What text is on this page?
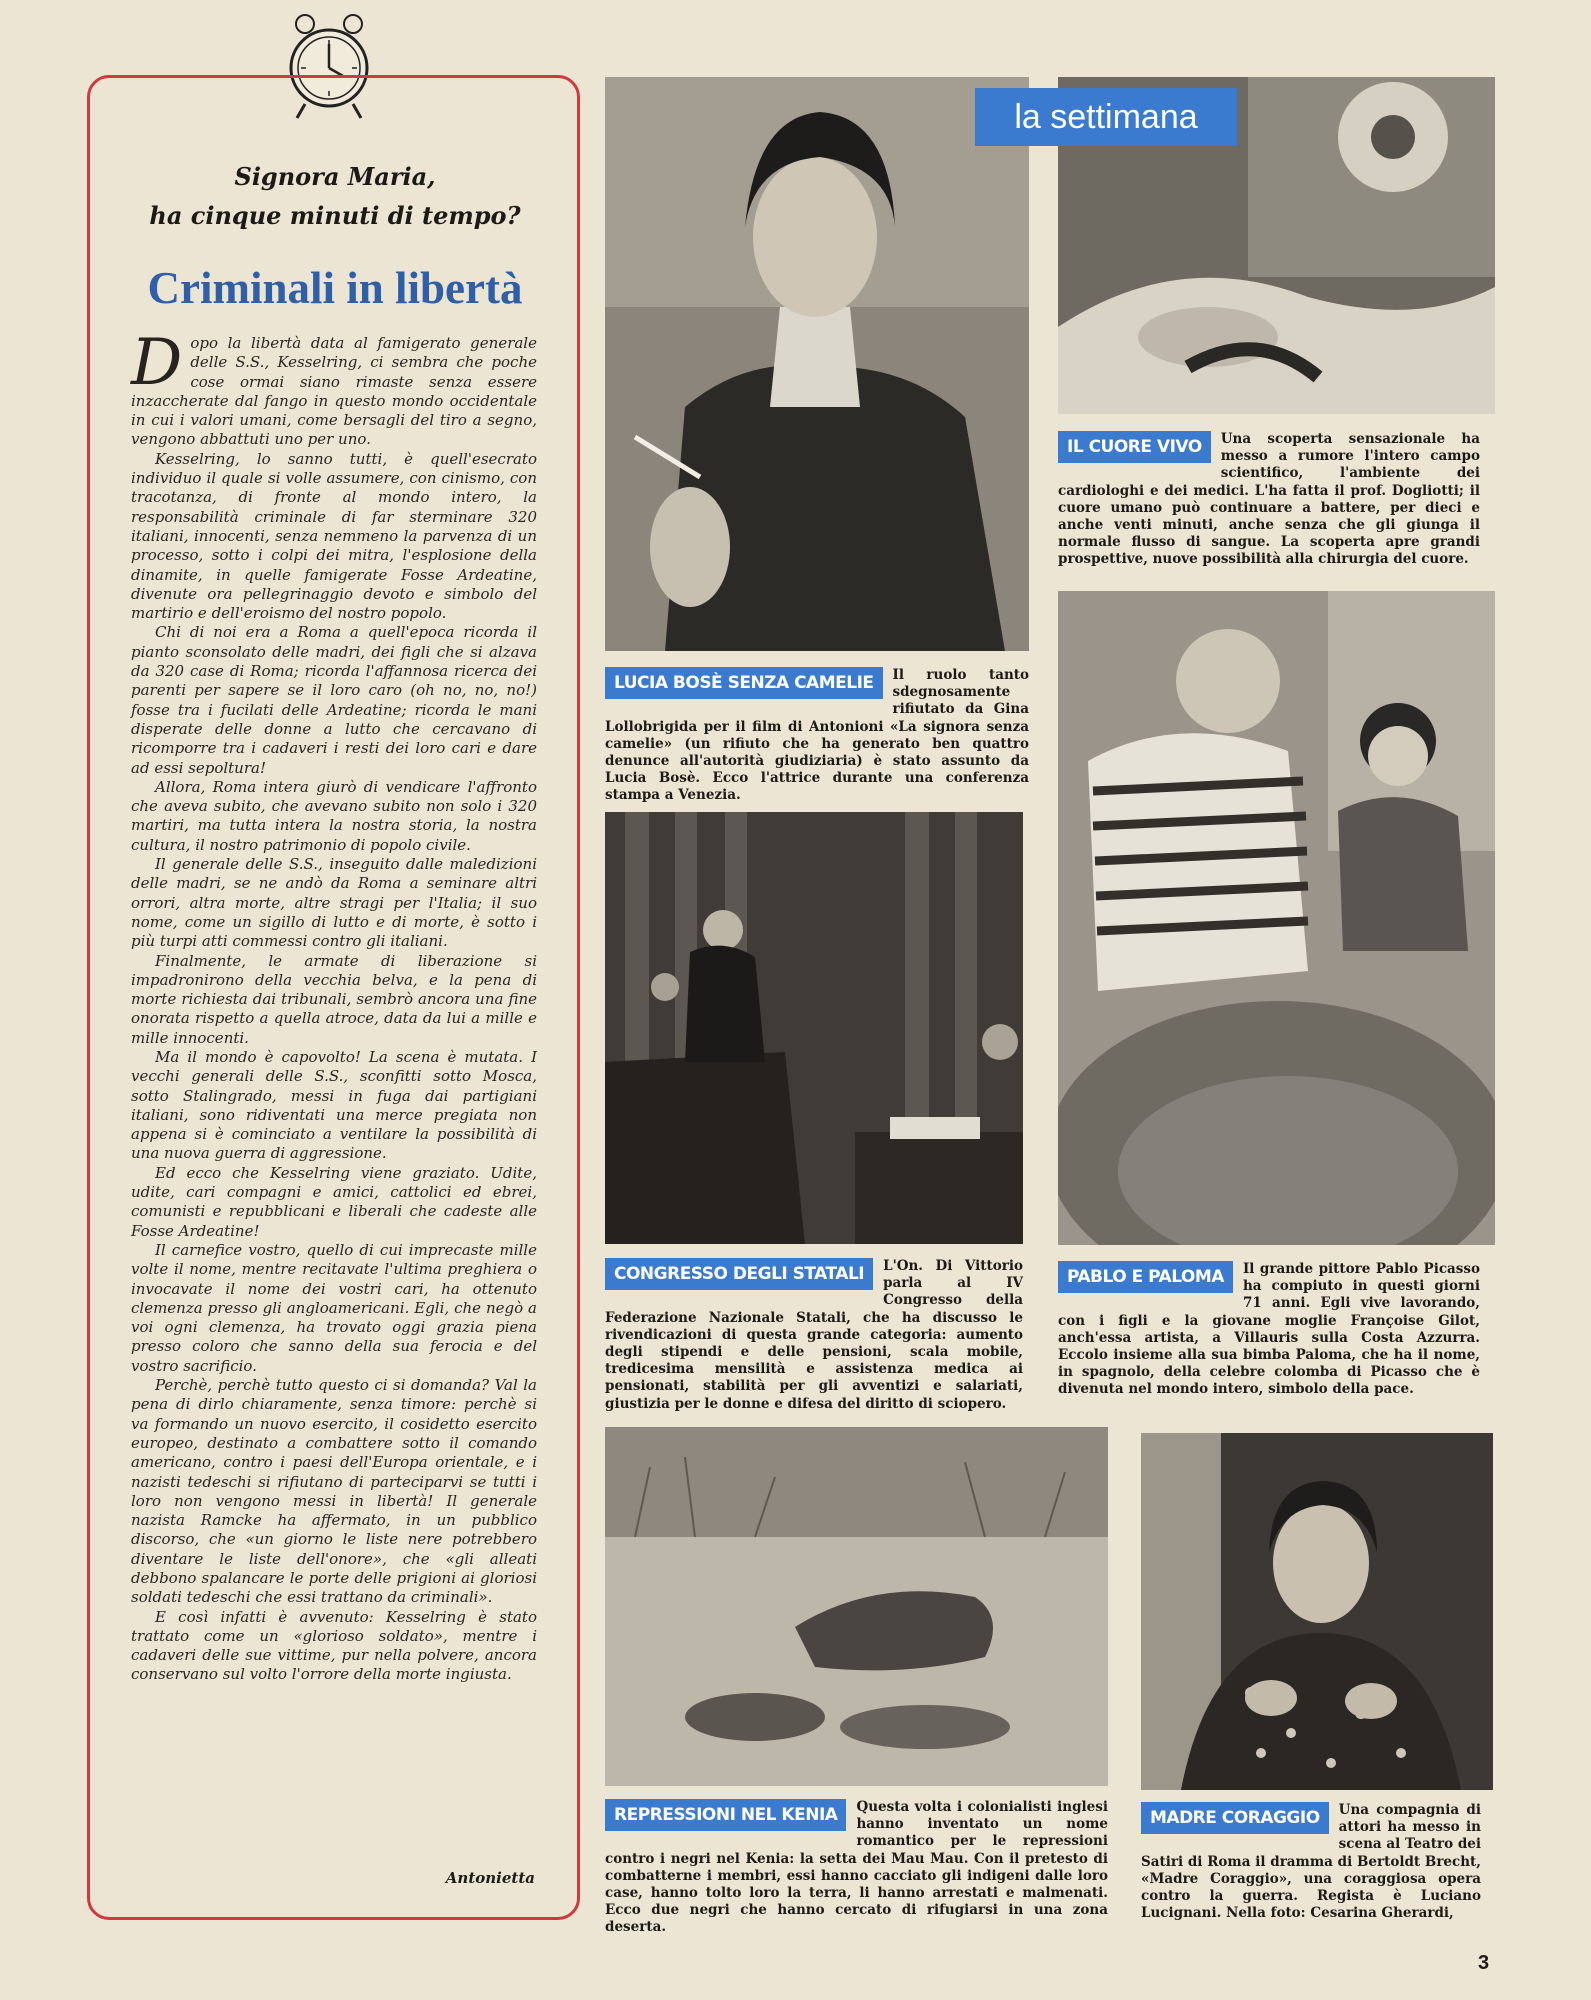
Signora Maria,
ha cinque minuti di tempo?
Criminali in libertà

Dopo la libertà data al famigerato generale delle S.S., Kesselring, ci sembra che poche cose ormai siano rimaste senza essere inzaccherate dal fango in questo mondo occidentale in cui i valori umani, come bersagli del tiro a segno, vengono abbattuti uno per uno.

Kesselring, lo sanno tutti, è quell'esecrato individuo il quale si volle assumere, con cinismo, con tracotanza, di fronte al mondo intero, la responsabilità criminale di far sterminare 320 italiani, innocenti, senza nemmeno la parvenza di un processo, sotto i colpi dei mitra, l'esplosione della dinamite, in quelle famigerate Fosse Ardeatine, divenute ora pellegrinaggio devoto e simbolo del martirio e dell'eroismo del nostro popolo.

Chi di noi era a Roma a quell'epoca ricorda il pianto sconsolato delle madri, dei figli che si alzava da 320 case di Roma; ricorda l'affannosa ricerca dei parenti per sapere se il loro caro (oh no, no, no!) fosse tra i fucilati delle Ardeatine; ricorda le mani disperate delle donne a lutto che cercavano di ricomporre tra i cadaveri i resti dei loro cari e dare ad essi sepoltura!

Allora, Roma intera giurò di vendicare l'affronto che aveva subito, che avevano subito non solo i 320 martiri, ma tutta intera la nostra storia, la nostra cultura, il nostro patrimonio di popolo civile.

Il generale delle S.S., inseguito dalle maledizioni delle madri, se ne andò da Roma a seminare altri orrori, altra morte, altre stragi per l'Italia; il suo nome, come un sigillo di lutto e di morte, è sotto i più turpi atti commessi contro gli italiani.

Finalmente, le armate di liberazione si impadronirono della vecchia belva, e la pena di morte richiesta dai tribunali, sembrò ancora una fine onorata rispetto a quella atroce, data da lui a mille e mille innocenti.

Ma il mondo è capovolto! La scena è mutata. I vecchi generali delle S.S., sconfitti sotto Mosca, sotto Stalingrado, messi in fuga dai partigiani italiani, sono ridiventati una merce pregiata non appena si è cominciato a ventilare la possibilità di una nuova guerra di aggressione.

Ed ecco che Kesselring viene graziato. Udite, udite, cari compagni e amici, cattolici ed ebrei, comunisti e repubblicani e liberali che cadeste alle Fosse Ardeatine!

Il carnefice vostro, quello di cui imprecaste mille volte il nome, mentre recitavate l'ultima preghiera o invocavate il nome dei vostri cari, ha ottenuto clemenza presso gli angloamericani. Egli, che negò a voi ogni clemenza, ha trovato oggi grazia piena presso coloro che sanno della sua ferocia e del vostro sacrificio.

Perchè, perchè tutto questo ci si domanda? Val la pena di dirlo chiaramente, senza timore: perchè si va formando un nuovo esercito, il cosidetto esercito europeo, destinato a combattere sotto il comando americano, contro i paesi dell'Europa orientale, e i nazisti tedeschi si rifiutano di parteciparvi se tutti i loro non vengono messi in libertà! Il generale nazista Ramcke ha affermato, in un pubblico discorso, che «un giorno le liste nere potrebbero diventare le liste dell'onore», che «gli alleati debbono spalancare le porte delle prigioni ai gloriosi soldati tedeschi che essi trattano da criminali».

E così infatti è avvenuto: Kesselring è stato trattato come un «glorioso soldato», mentre i cadaveri delle sue vittime, pur nella polvere, ancora conservano sul volto l'orrore della morte ingiusta.

Antonietta
la settimana
IL CUORE VIVO	Una scoperta sensazionale ha messo a rumore l'intero campo scientifico, l'ambiente dei cardiologhi e dei medici. L'ha fatta il prof. Dogliotti; il cuore umano può continuare a battere, per dieci e anche venti minuti, anche senza che gli giunga il normale flusso di sangue. La scoperta apre grandi prospettive, nuove possibilità alla chirurgia del cuore.
LUCIA BOSÈ SENZA CAMELIE	Il ruolo tanto sdegnosamente rifiutato da Gina Lollobrigida per il film di Antonioni «La signora senza camelie» (un rifiuto che ha generato ben quattro denunce all'autorità giudiziaria) è stato assunto da Lucia Bosè. Ecco l'attrice durante una conferenza stampa a Venezia.
CONGRESSO DEGLI STATALI	L'On. Di Vittorio parla al IV Congresso della Federazione Nazionale Statali, che ha discusso le rivendicazioni di questa grande categoria: aumento degli stipendi e delle pensioni, scala mobile, tredicesima mensilità e assistenza medica ai pensionati, stabilità per gli avventizi e salariati, giustizia per le donne e difesa del diritto di sciopero.
PABLO E PALOMA	Il grande pittore Pablo Picasso ha compiuto in questi giorni 71 anni. Egli vive lavorando, con i figli e la giovane moglie Françoise Gilot, anch'essa artista, a Villauris sulla Costa Azzurra. Eccolo insieme alla sua bimba Paloma, che ha il nome, in spagnolo, della celebre colomba di Picasso che è divenuta nel mondo intero, simbolo della pace.
REPRESSIONI NEL KENIA	Questa volta i colonialisti inglesi hanno inventato un nome romantico per le repressioni contro i negri nel Kenia: la setta dei Mau Mau. Con il pretesto di combatterne i membri, essi hanno cacciato gli indigeni dalle loro case, hanno tolto loro la terra, li hanno arrestati e malmenati. Ecco due negri che hanno cercato di rifugiarsi in una zona deserta.
MADRE CORAGGIO	Una compagnia di attori ha messo in scena al Teatro dei Satiri di Roma il dramma di Bertoldt Brecht, «Madre Coraggio», una coraggiosa opera contro la guerra. Regista è Luciano Lucignani. Nella foto: Cesarina Gherardi,
3
